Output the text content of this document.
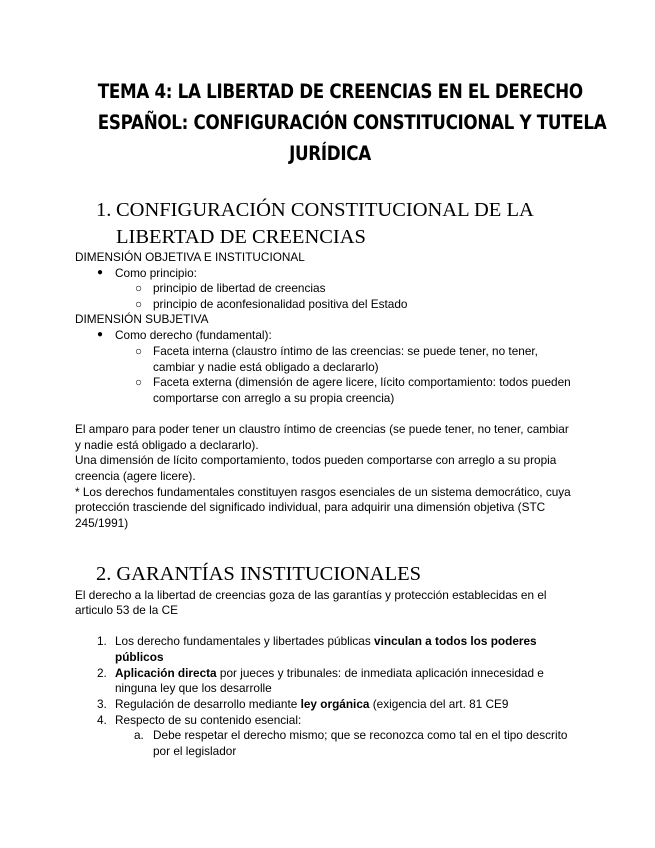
TEMA 4: LA LIBERTAD DE CREENCIAS EN EL DERECHO
ESPAÑOL: CONFIGURACIÓN CONSTITUCIONAL Y TUTELA
JURÍDICA
1. CONFIGURACIÓN CONSTITUCIONAL DE LA
LIBERTAD DE CREENCIAS
DIMENSIÓN OBJETIVA E INSTITUCIONAL
● Como principio:
○ principio de libertad de creencias
○ principio de aconfesionalidad positiva del Estado
DIMENSIÓN SUBJETIVA
● Como derecho (fundamental):
○ Faceta interna (claustro íntimo de las creencias: se puede tener, no tener,
cambiar y nadie está obligado a declararlo)
○ Faceta externa (dimensión de agere licere, lícito comportamiento: todos pueden
comportarse con arreglo a su propia creencia)
El amparo para poder tener un claustro íntimo de creencias (se puede tener, no tener, cambiar
y nadie está obligado a declararlo).
Una dimensión de lícito comportamiento, todos pueden comportarse con arreglo a su propia
creencia (agere licere).
* Los derechos fundamentales constituyen rasgos esenciales de un sistema democrático, cuya
protección trasciende del significado individual, para adquirir una dimensión objetiva (STC
245/1991)
2. GARANTÍAS INSTITUCIONALES
El derecho a la libertad de creencias goza de las garantías y protección establecidas en el
articulo 53 de la CE
1. Los derecho fundamentales y libertades públicas vinculan a todos los poderes
públicos
2. Aplicación directa por jueces y tribunales: de inmediata aplicación innecesidad e
ninguna ley que los desarrolle
3. Regulación de desarrollo mediante ley orgánica (exigencia del art. 81 CE9
4. Respecto de su contenido esencial:
a. Debe respetar el derecho mismo; que se reconozca como tal en el tipo descrito
por el legislador
